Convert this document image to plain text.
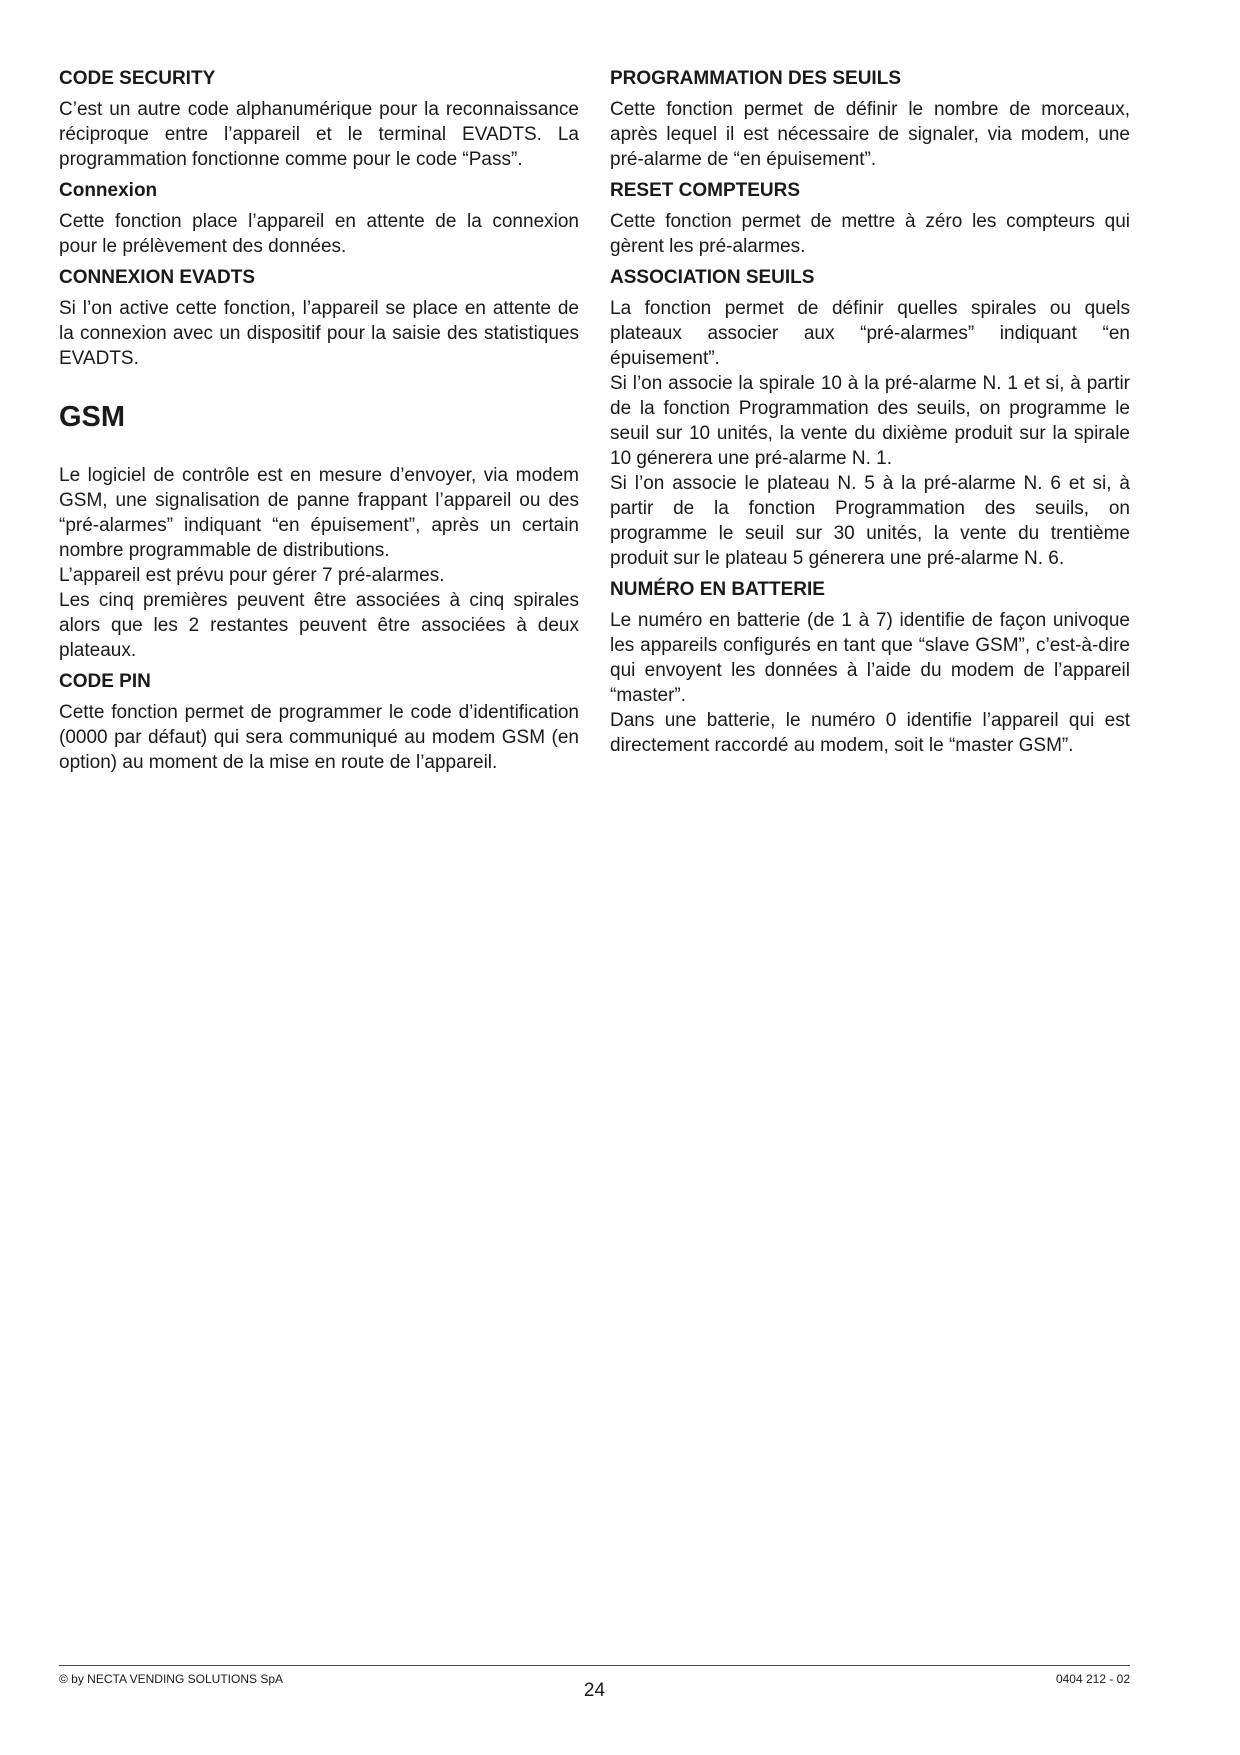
CODE SECURITY

C’est un autre code alphanumérique pour la reconnaissance réciproque entre l’appareil et le terminal EVADTS. La programmation fonctionne comme pour le code “Pass”.

Connexion

Cette fonction place l’appareil en attente de la connexion pour le prélèvement des données.

CONNEXION EVADTS

Si l’on active cette fonction, l’appareil se place en attente de la connexion avec un dispositif pour la saisie des statistiques EVADTS.

GSM

Le logiciel de contrôle est en mesure d’envoyer, via modem GSM, une signalisation de panne frappant l’appareil ou des “pré-alarmes” indiquant “en épuisement”, après un certain nombre programmable de distributions.

L’appareil est prévu pour gérer 7 pré-alarmes.

Les cinq premières peuvent être associées à cinq spirales alors que les 2 restantes peuvent être associées à deux plateaux.

CODE PIN

Cette fonction permet de programmer le code d’identification (0000 par défaut) qui sera communiqué au modem GSM (en option) au moment de la mise en route de l’appareil.

PROGRAMMATION DES SEUILS

Cette fonction permet de définir le nombre de morceaux, après lequel il est nécessaire de signaler, via modem, une pré-alarme de “en épuisement”.

RESET COMPTEURS

Cette fonction permet de mettre à zéro les compteurs qui gèrent les pré-alarmes.

ASSOCIATION SEUILS

La fonction permet de définir quelles spirales ou quels plateaux associer aux “pré-alarmes” indiquant “en épuisement”.

Si l’on associe la spirale 10 à la pré-alarme N. 1 et si, à partir de la fonction Programmation des seuils, on programme le seuil sur 10 unités, la vente du dixième produit sur la spirale 10 génerera une pré-alarme N. 1.

Si l’on associe le plateau N. 5 à la pré-alarme N. 6 et si, à partir de la fonction Programmation des seuils, on programme le seuil sur 30 unités, la vente du trentième produit sur le plateau 5 génerera une pré-alarme N. 6.

NUMÉRO EN BATTERIE

Le numéro en batterie (de 1 à 7) identifie de façon univoque les appareils configurés en tant que “slave GSM”, c’est-à-dire qui envoyent les données à l’aide du modem de l’appareil “master”.

Dans une batterie, le numéro 0 identifie l’appareil qui est directement raccordé au modem, soit le “master GSM”.

© by NECTA VENDING SOLUTIONS SpA
24
0404 212 - 02
